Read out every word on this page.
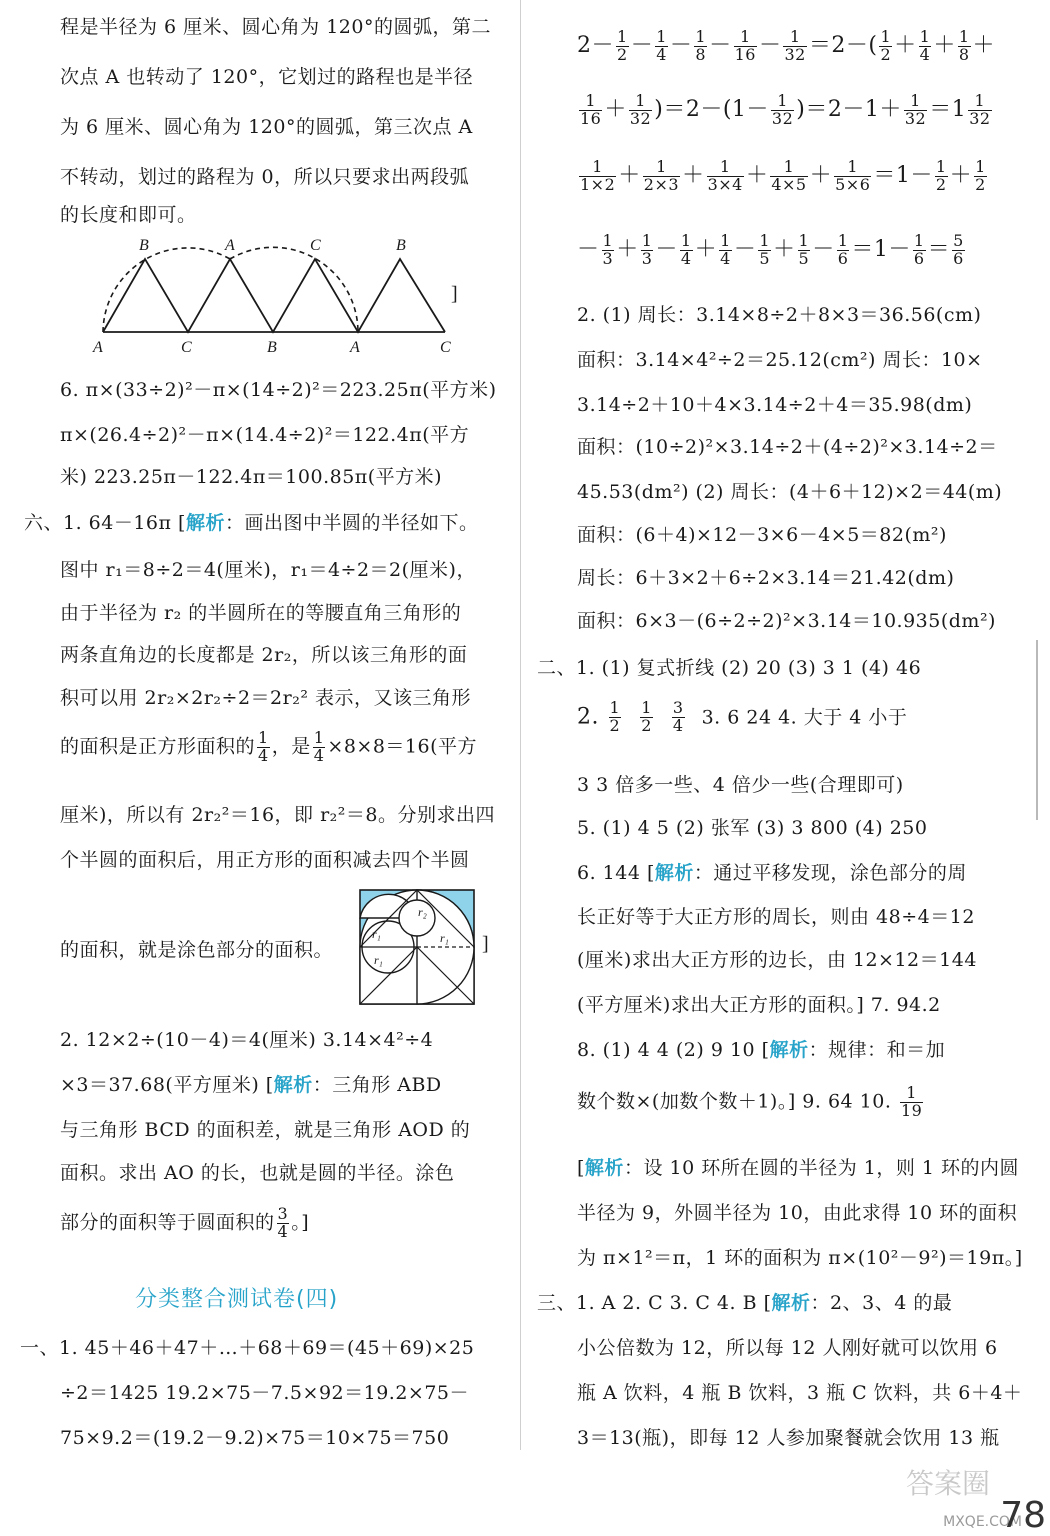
程是半径为 6 厘米、圆心角为 120°的圆弧，第二
次点 A 也转动了 120°，它划过的路程也是半径
为 6 厘米、圆心角为 120°的圆弧，第三次点 A
不转动，划过的路程为 0，所以只要求出两段弧
的长度和即可。
B	A	C	B
A	C	B	A	C
]
6. π×(33÷2)²－π×(14÷2)²＝223.25π(平方米)
π×(26.4÷2)²－π×(14.4÷2)²＝122.4π(平方
米) 223.25π－122.4π＝100.85π(平方米)
六、1. 64－16π [解析：画出图中半圆的半径如下。
图中 r₁＝8÷2＝4(厘米)，r₁＝4÷2＝2(厘米)，
由于半径为 r₂ 的半圆所在的等腰直角三角形的
两条直角边的长度都是 2r₂，所以该三角形的面
积可以用 2r₂×2r₂÷2＝2r₂² 表示，又该三角形
的面积是正方形面积的 $\frac{1}{4}$ ，是 $\frac{1}{4} \times 8\times 8=16$(平方
厘米)，所以有 2r₂²＝16，即 r₂²＝8。分别求出四
个半圆的面积后，用正方形的面积减去四个半圆
的面积，就是涂色部分的面积。
r₁
r₁
r₁
r₂
]
2. 12×2÷(10－4)＝4(厘米) 3.14×4²÷4
×3＝37.68(平方厘米) [解析：三角形 ABD
与三角形 BCD 的面积差，就是三角形 AOD 的
面积。求出 AO 的长，也就是圆的半径。涂色
部分的面积等于圆面积的 $\frac{3}{4}$ 。]
分类整合测试卷(四)
一、1. 45＋46＋47＋…＋68＋69＝(45＋69)×25
÷2＝1425 19.2×75－7.5×92＝19.2×75－
75×9.2＝(19.2－9.2)×75＝10×75＝750
$2- \frac{1}{2} - \frac{1}{4} - \frac{1}{8} - \frac{1}{16} - \frac{1}{32} =2-( \frac{1}{2} + \frac{1}{4} + \frac{1}{8}$ ＋
$\frac{1}{16} + \frac{1}{32} )=2-(1- \frac{1}{32} )=2-1+ \frac{1}{32} =1 \frac{1}{32}$
$\frac{1}{1\times 2} + \frac{1}{2\times 3} + \frac{1}{3\times 4} + \frac{1}{4\times 5} + \frac{1}{5\times 6} =1- \frac{1}{2} + \frac{1}{2}$
－ $\frac{1}{3} + \frac{1}{3} - \frac{1}{4} + \frac{1}{4} - \frac{1}{5} + \frac{1}{5} - \frac{1}{6} =1- \frac{1}{6} = \frac{5}{6}$
2. (1) 周长：3.14×8÷2＋8×3＝36.56(cm)
面积：3.14×4²÷2＝25.12(cm²) 周长：10×
3.14÷2＋10＋4×3.14÷2＋4＝35.98(dm)
面积：(10÷2)²×3.14÷2＋(4÷2)²×3.14÷2＝
45.53(dm²) (2) 周长：(4＋6＋12)×2＝44(m)
面积：(6＋4)×12－3×6－4×5＝82(m²)
周长：6＋3×2＋6÷2×3.14＝21.42(dm)
面积：6×3－(6÷2÷2)²×3.14＝10.935(dm²)
二、1. (1) 复式折线 (2) 20 (3) 3 1 (4) 46
2. $\frac{1}{2}$
$\frac{1}{2}$
$\frac{3}{4} 3$. 6 24 4. 大于 4 小于
3 3 倍多一些、4 倍少一些(合理即可)
5. (1) 4 5 (2) 张军 (3) 3 800 (4) 250
6. 144 [解析：通过平移发现，涂色部分的周
长正好等于大正方形的周长，则由 48÷4＝12
(厘米)求出大正方形的边长，由 12×12＝144
(平方厘米)求出大正方形的面积。] 7. 94.2
8. (1) 4 4 (2) 9 10 [解析：规律：和＝加
数个数×(加数个数＋1)。] 9. 64 10. $\frac{1}{19}$
[解析：设 10 环所在圆的半径为 1，则 1 环的内圆
半径为 9，外圆半径为 10，由此求得 10 环的面积
为 π×1²＝π，1 环的面积为 π×(10²－9²)＝19π。]
三、1. A 2. C 3. C 4. B [解析：2、3、4 的最
小公倍数为 12，所以每 12 人刚好就可以饮用 6
瓶 A 饮料，4 瓶 B 饮料，3 瓶 C 饮料，共 6＋4＋
3＝13(瓶)，即每 12 人参加聚餐就会饮用 13 瓶
答案圈
MXQE.COM
78
